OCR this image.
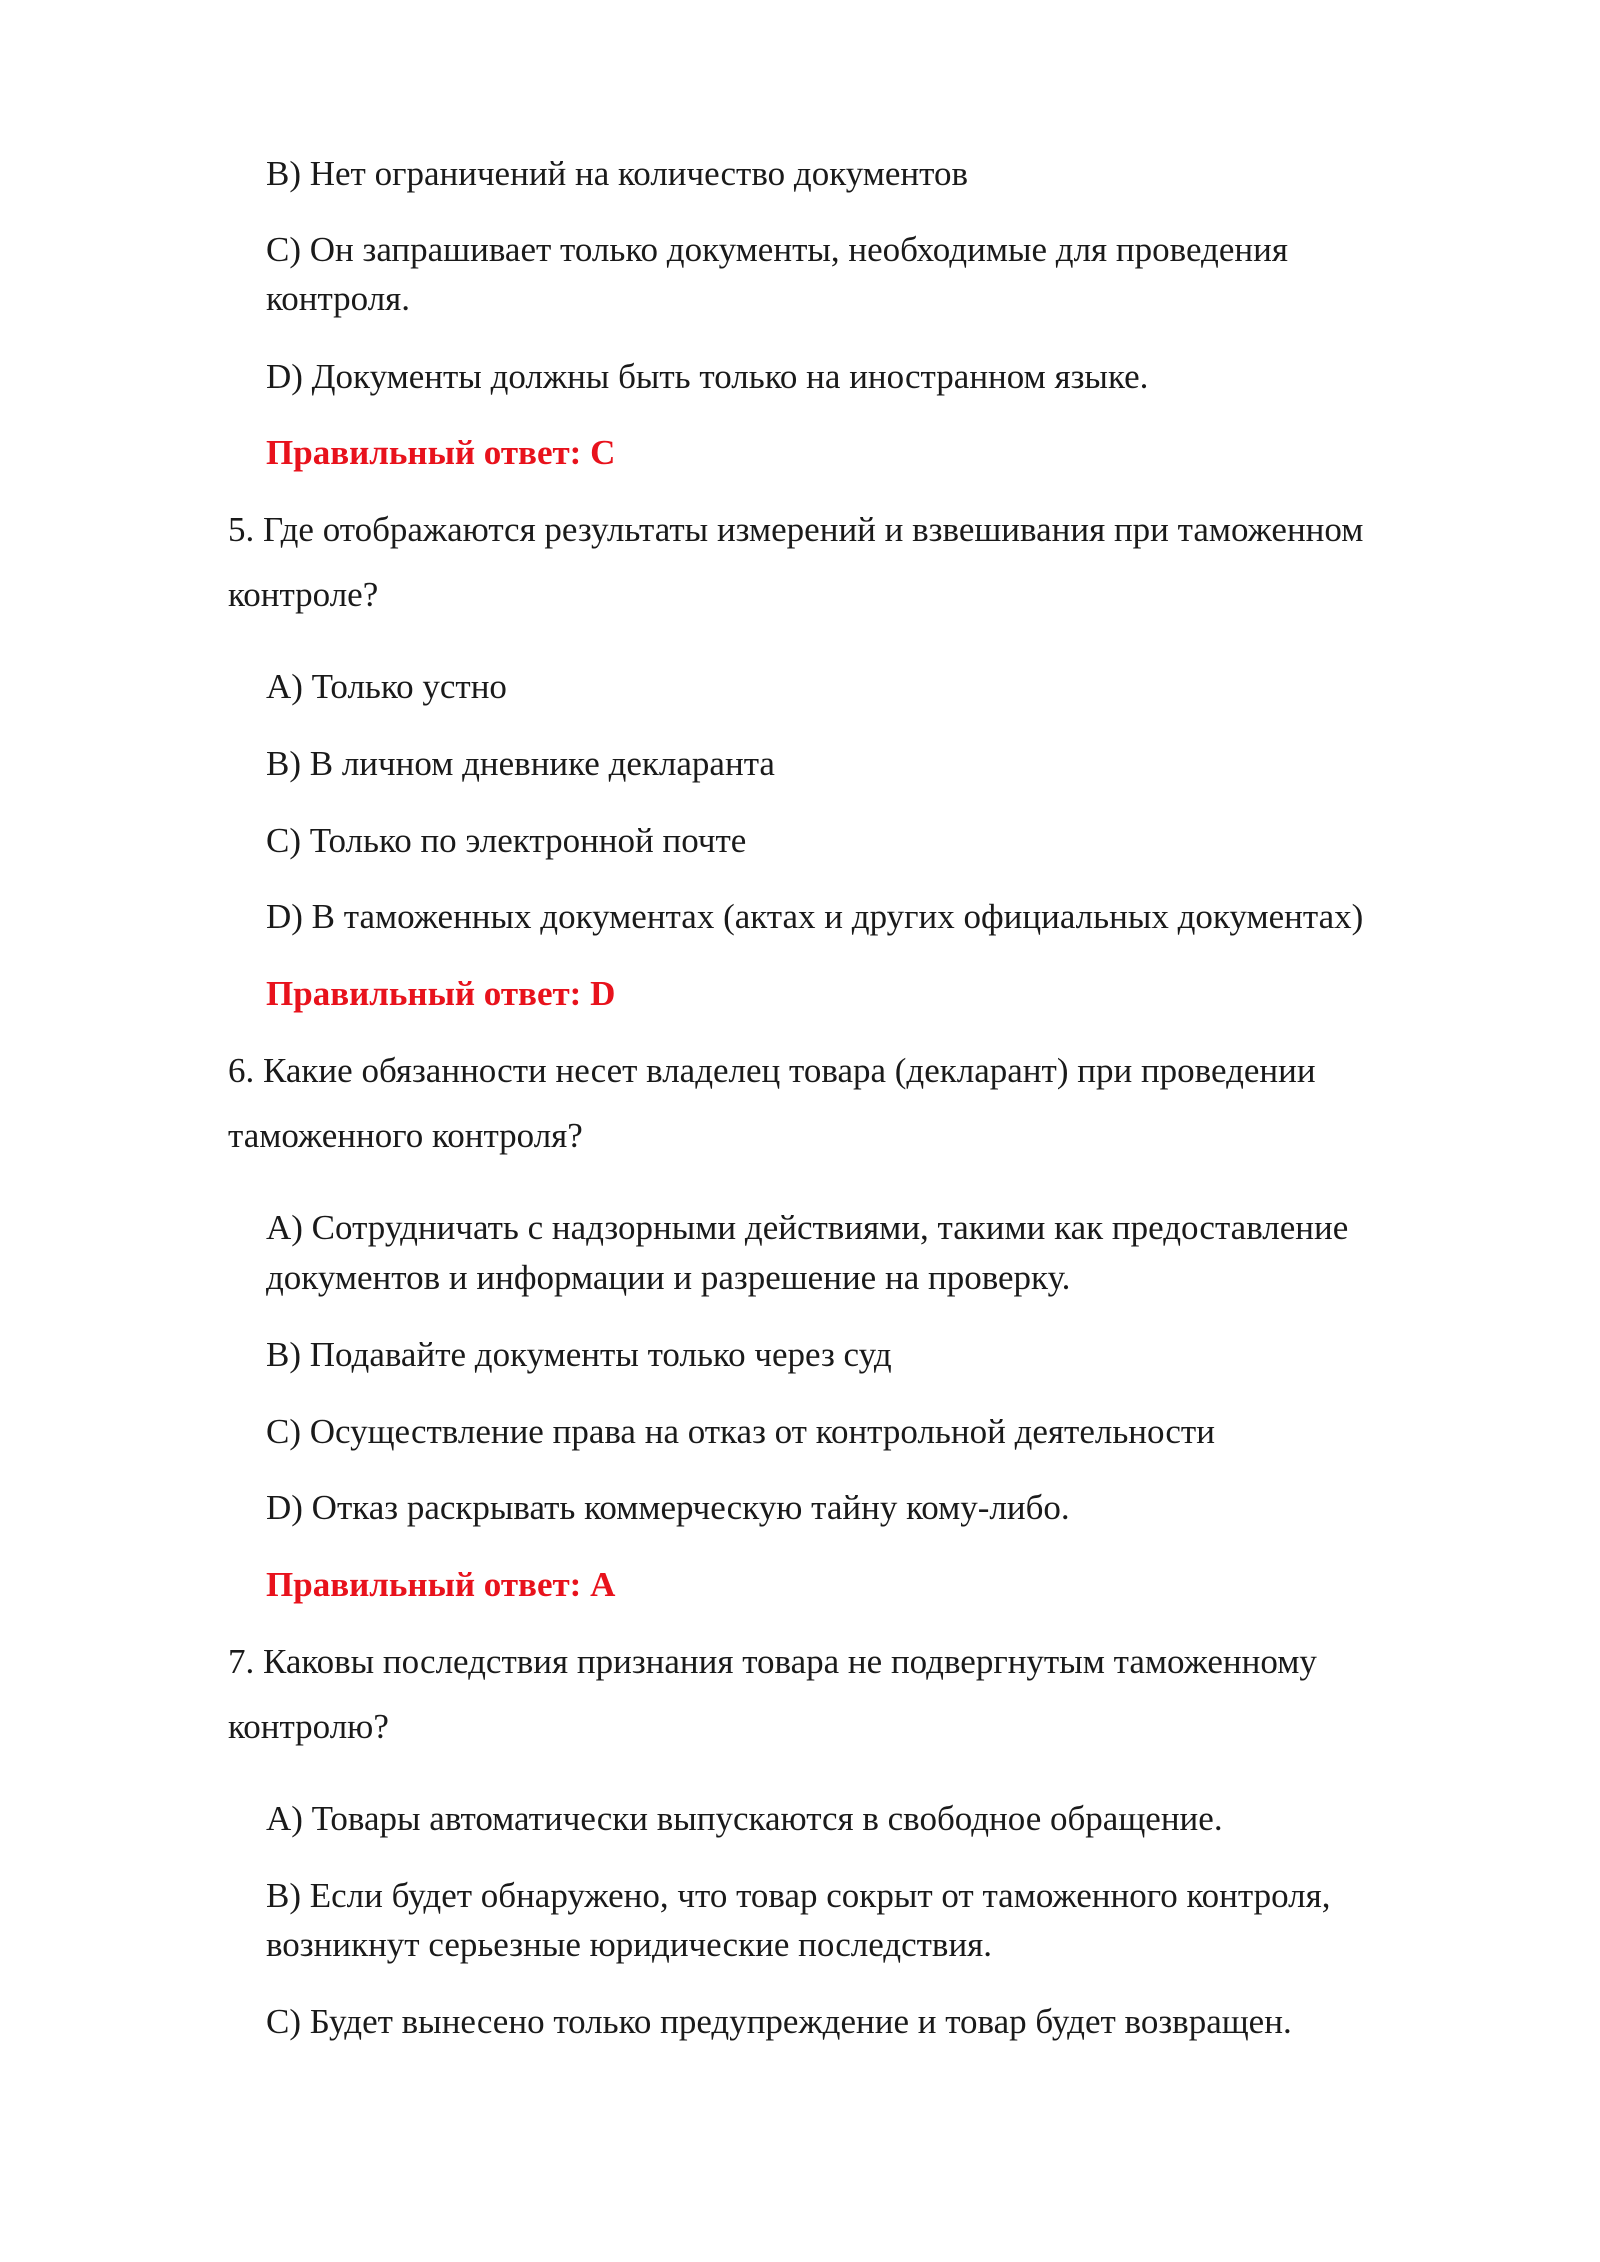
B) Нет ограничений на количество документов
C) Он запрашивает только документы, необходимые для проведения
контроля.
D) Документы должны быть только на иностранном языке.
Правильный ответ: C
5. Где отображаются результаты измерений и взвешивания при таможенном
контроле?
A) Только устно
B) В личном дневнике декларанта
C) Только по электронной почте
D) В таможенных документах (актах и других официальных документах)
Правильный ответ: D
6. Какие обязанности несет владелец товара (декларант) при проведении
таможенного контроля?
A) Сотрудничать с надзорными действиями, такими как предоставление
документов и информации и разрешение на проверку.
B) Подавайте документы только через суд
C) Осуществление права на отказ от контрольной деятельности
D) Отказ раскрывать коммерческую тайну кому-либо.
Правильный ответ: A
7. Каковы последствия признания товара не подвергнутым таможенному
контролю?
A) Товары автоматически выпускаются в свободное обращение.
B) Если будет обнаружено, что товар сокрыт от таможенного контроля,
возникнут серьезные юридические последствия.
C) Будет вынесено только предупреждение и товар будет возвращен.
